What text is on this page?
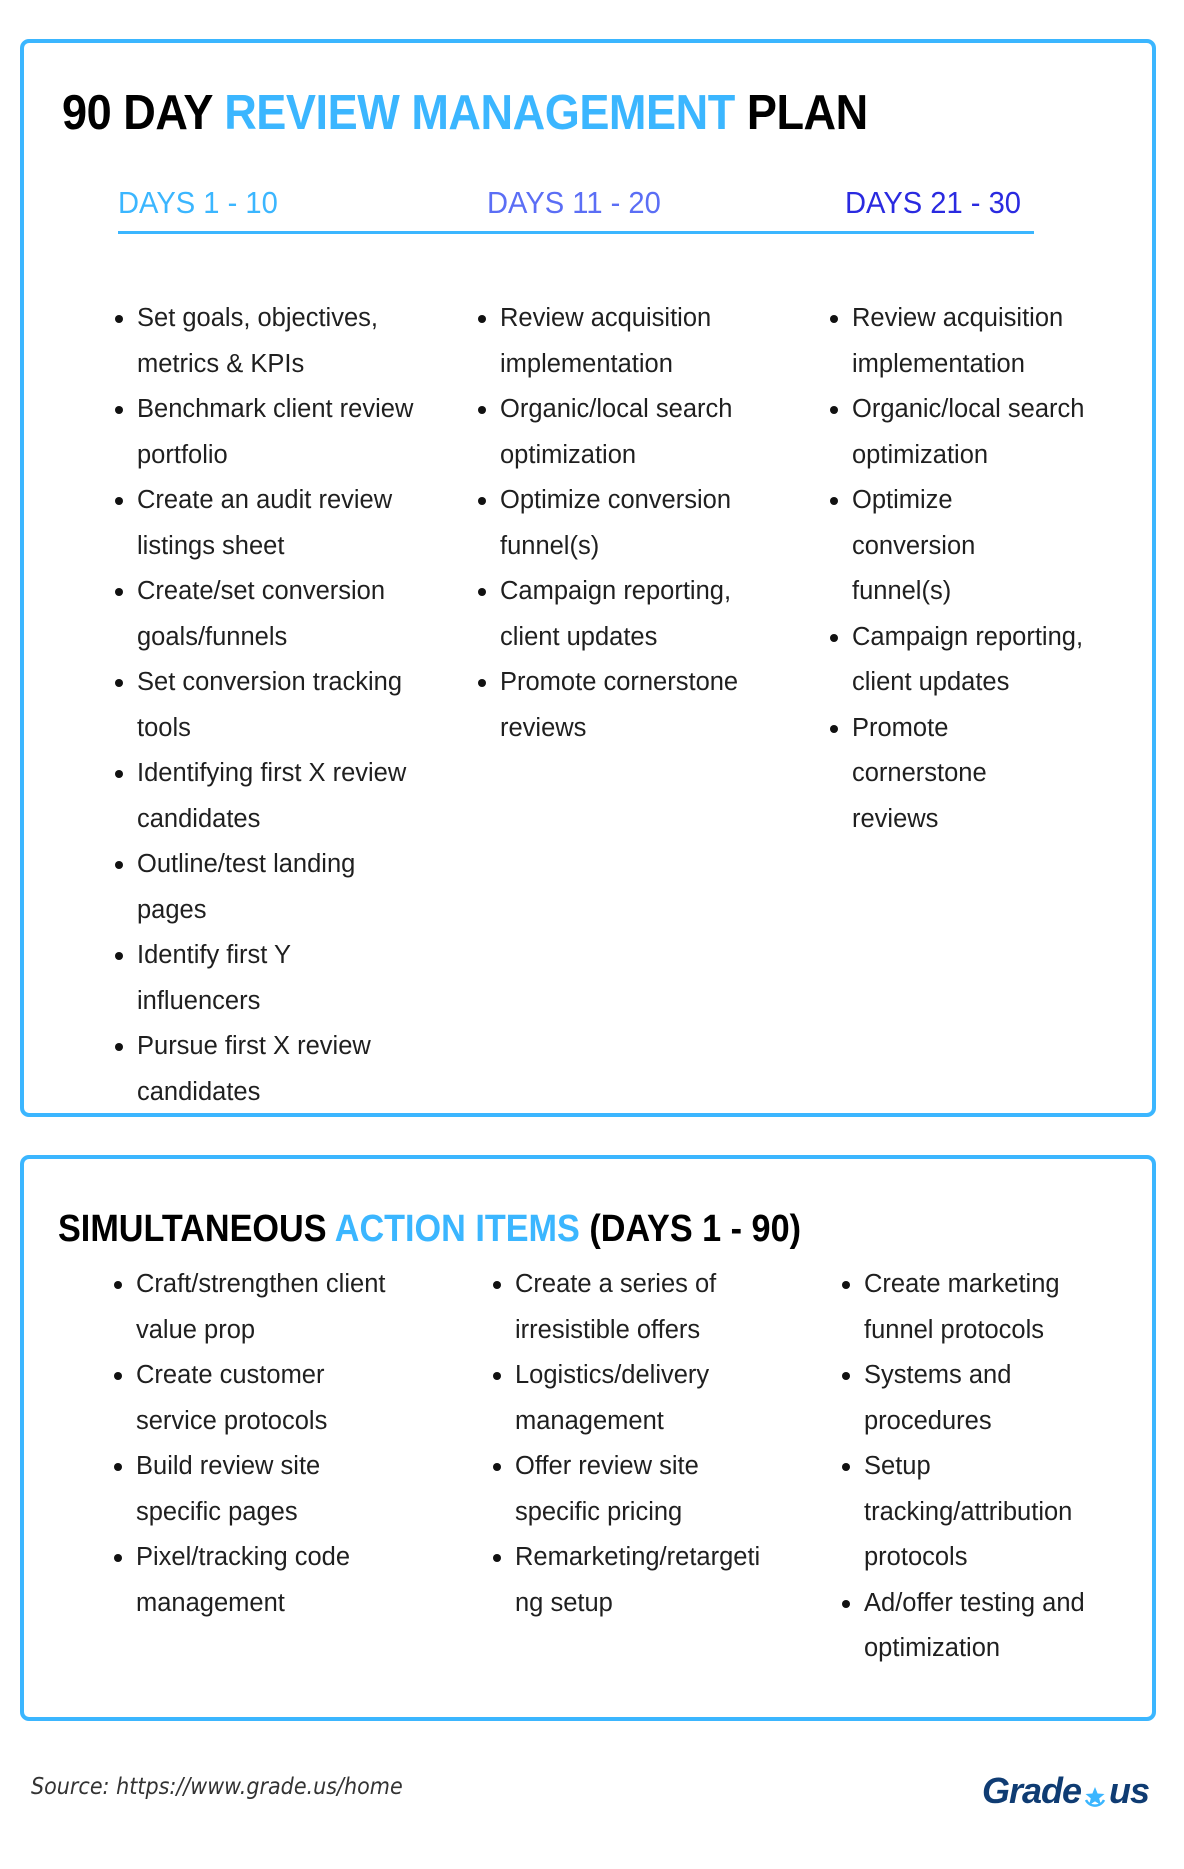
90 DAY REVIEW MANAGEMENT PLAN
DAYS 1 - 10	DAYS 11 - 20	DAYS 21 - 30
Set goals, objectives, metrics & KPIs
Benchmark client review portfolio
Create an audit review listings sheet
Create/set conversion goals/funnels
Set conversion tracking tools
Identifying first X review candidates
Outline/test landing pages
Identify first Y influencers
Pursue first X review candidates
Review acquisition implementation
Organic/local search optimization
Optimize conversion funnel(s)
Campaign reporting, client updates
Promote cornerstone reviews
Review acquisition implementation
Organic/local search optimization
Optimize conversion funnel(s)
Campaign reporting, client updates
Promote cornerstone reviews
SIMULTANEOUS ACTION ITEMS (DAYS 1 - 90)
Craft/strengthen client value prop
Create customer service protocols
Build review site specific pages
Pixel/tracking code management
Create a series of irresistible offers
Logistics/delivery management
Offer review site specific pricing
Remarketing/retargeting setup
Create marketing funnel protocols
Systems and procedures
Setup tracking/attribution protocols
Ad/offer testing and optimization
Source: https://www.grade.us/home	Grade us
